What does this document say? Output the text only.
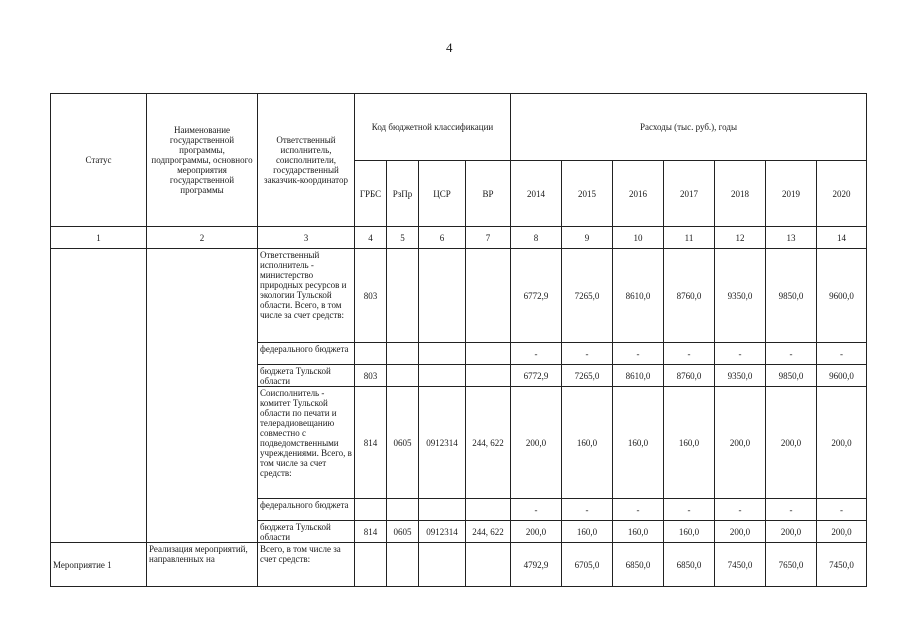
4
Статус	Наименование государственной программы, подпрограммы, основного мероприятия государственной программы	Ответственный исполнитель, соисполнители, государственный заказчик-координатор	Код бюджетной классификации				Расходы (тыс. руб.), годы						
			ГРБС	РзПр	ЦСР	ВР	2014	2015	2016	2017	2018	2019	2020
1	2	3	4	5	6	7	8	9	10	11	12	13	14
		Ответственный исполнитель - министерство природных ресурсов и экологии Тульской области. Всего, в том числе за счет средств:	803				6772,9	7265,0	8610,0	8760,0	9350,0	9850,0	9600,0
		федерального бюджета					-	-	-	-	-	-	-
		бюджета Тульской области	803				6772,9	7265,0	8610,0	8760,0	9350,0	9850,0	9600,0
		Соисполнитель - комитет Тульской области по печати и телерадиовещанию совместно с подведомственными учреждениями. Всего, в том числе за счет средств:	814	0605	0912314	244, 622	200,0	160,0	160,0	160,0	200,0	200,0	200,0
		федерального бюджета					-	-	-	-	-	-	-
		бюджета Тульской области	814	0605	0912314	244, 622	200,0	160,0	160,0	160,0	200,0	200,0	200,0
Мероприятие 1	Реализация мероприятий, направленных на	Всего, в том числе за счет средств:					4792,9	6705,0	6850,0	6850,0	7450,0	7650,0	7450,0
